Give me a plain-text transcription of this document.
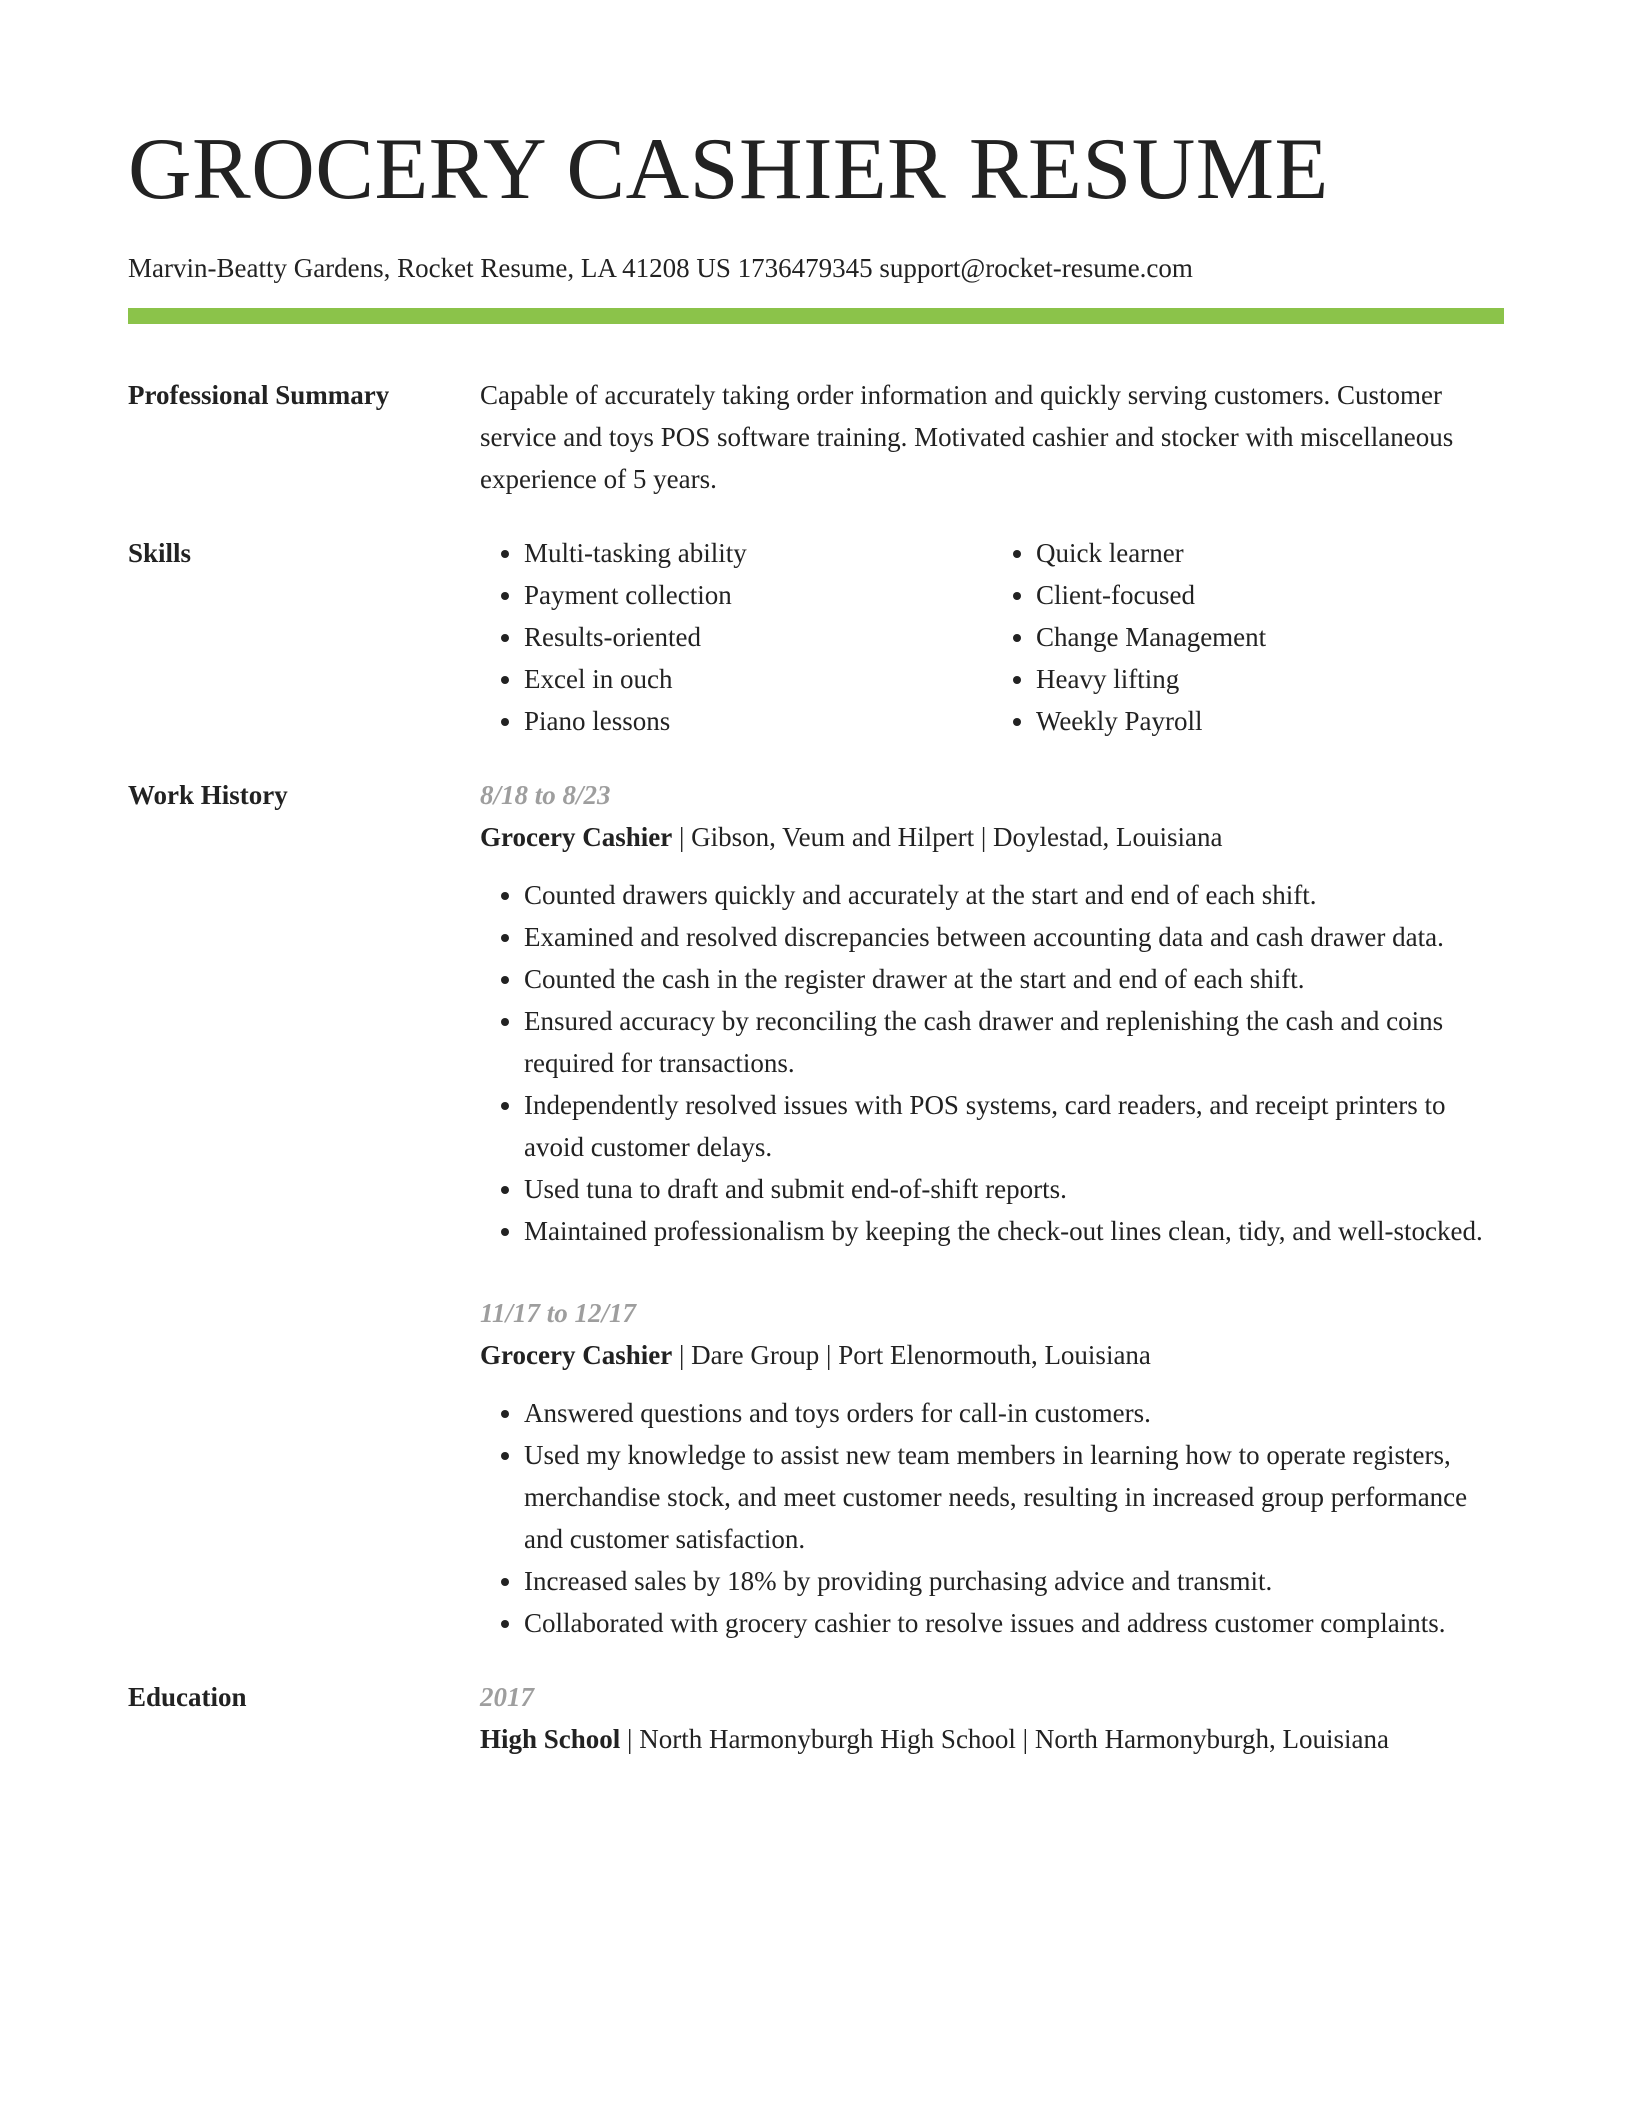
GROCERY CASHIER RESUME
Marvin-Beatty Gardens, Rocket Resume, LA 41208 US 1736479345 support@rocket-resume.com
Professional Summary	Capable of accurately taking order information and quickly serving customers. Customer service and toys POS software training. Motivated cashier and stocker with miscellaneous experience of 5 years.
Skills
•	Multi-tasking ability
• Payment collection
• Results-oriented
• Excel in ouch
• Piano lessons
• Quick learner
• Client-focused
• Change Management
• Heavy lifting
• Weekly Payroll
Work History	8/18 to 8/23
Grocery Cashier | Gibson, Veum and Hilpert | Doylestad, Louisiana
• Counted drawers quickly and accurately at the start and end of each shift.
• Examined and resolved discrepancies between accounting data and cash drawer data.
• Counted the cash in the register drawer at the start and end of each shift.
• Ensured accuracy by reconciling the cash drawer and replenishing the cash and coins required for transactions.
• Independently resolved issues with POS systems, card readers, and receipt printers to avoid customer delays.
• Used tuna to draft and submit end-of-shift reports.
• Maintained professionalism by keeping the check-out lines clean, tidy, and well-stocked.
11/17 to 12/17
Grocery Cashier | Dare Group | Port Elenormouth, Louisiana
• Answered questions and toys orders for call-in customers.
• Used my knowledge to assist new team members in learning how to operate registers, merchandise stock, and meet customer needs, resulting in increased group performance and customer satisfaction.
• Increased sales by 18% by providing purchasing advice and transmit.
• Collaborated with grocery cashier to resolve issues and address customer complaints.
Education	2017
High School | North Harmonyburgh High School | North Harmonyburgh, Louisiana
